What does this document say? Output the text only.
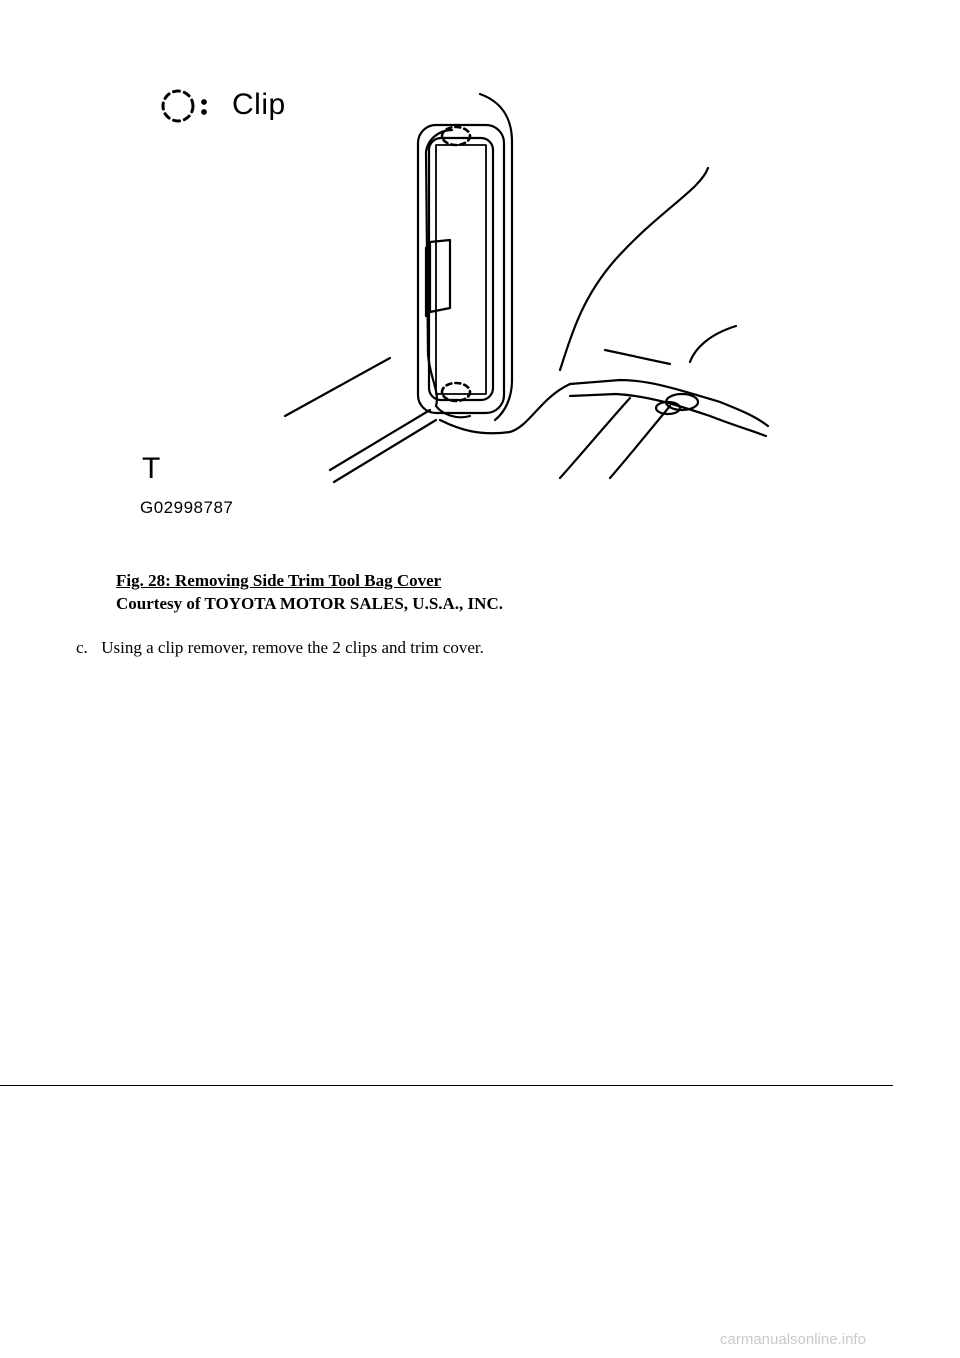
Clip
T
G02998787
Fig. 28: Removing Side Trim Tool Bag Cover
Courtesy of TOYOTA MOTOR SALES, U.S.A., INC.
c. Using a clip remover, remove the 2 clips and trim cover.
carmanualsonline.info
